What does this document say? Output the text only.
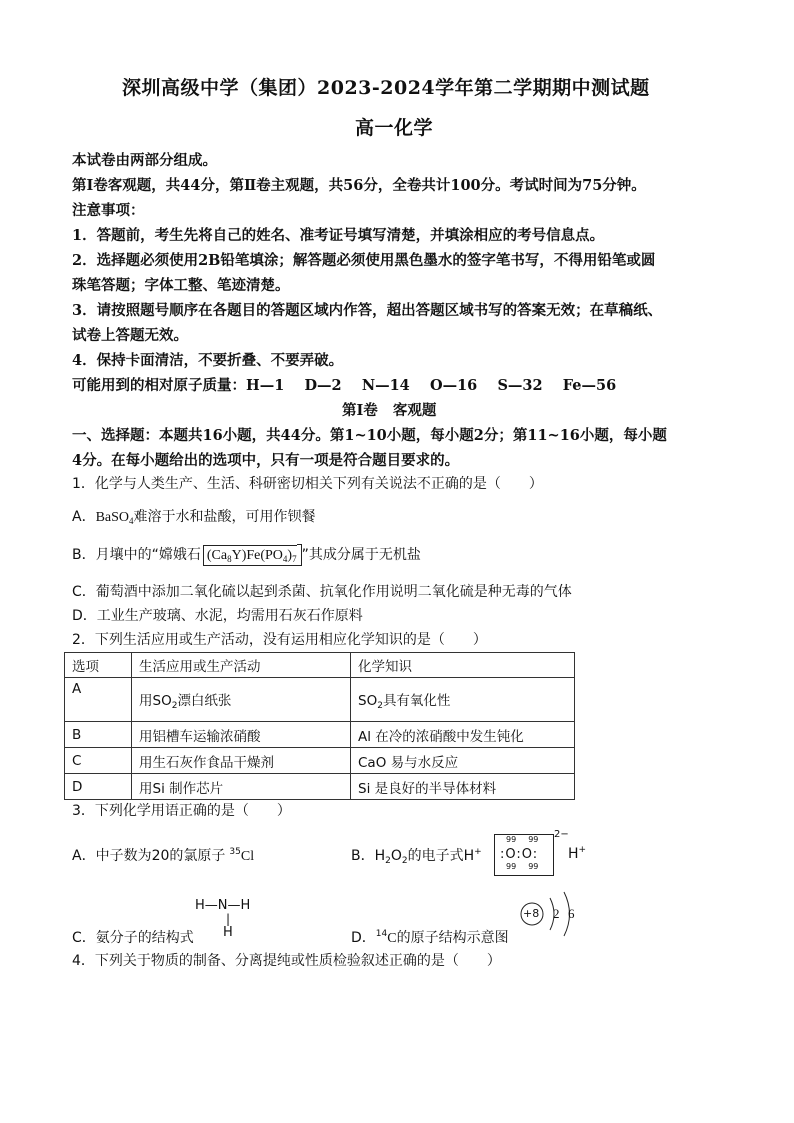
深圳高级中学（集团）2023-2024学年第二学期期中测试题
高一化学
本试卷由两部分组成。
第Ⅰ卷客观题，共44分，第Ⅱ卷主观题，共56分，全卷共计100分。考试时间为75分钟。
注意事项：
1．答题前，考生先将自己的姓名、准考证号填写清楚，并填涂相应的考号信息点。
2．选择题必须使用2B铅笔填涂；解答题必须使用黑色墨水的签字笔书写，不得用铅笔或圆
珠笔答题；字体工整、笔迹清楚。
3．请按照题号顺序在各题目的答题区域内作答，超出答题区域书写的答案无效；在草稿纸、
试卷上答题无效。
4．保持卡面清洁，不要折叠、不要弄破。
可能用到的相对原子质量：H—1    D—2    N—14    O—16    S—32    Fe—56
第Ⅰ卷   客观题
一、选择题：本题共16小题，共44分。第1~10小题，每小题2分；第11~16小题，每小题
4分。在每小题给出的选项中，只有一项是符合题目要求的。
1．化学与人类生产、生活、科研密切相关下列有关说法不正确的是（　　）
A．BaSO$_4$难溶于水和盐酸，可用作钡餐
B．月壤中的“嫦娥石 $(Ca_8Y)Fe(PO_4)_7$ ”其成分属于无机盐
C．葡萄酒中添加二氧化硫以起到杀菌、抗氧化作用说明二氧化硫是种无毒的气体
D．工业生产玻璃、水泥，均需用石灰石作原料
2．下列生活应用或生产活动，没有运用相应化学知识的是（　　）
选项	生活应用或生产活动	化学知识
A	用$SO_2$漂白纸张	$SO_2$具有氧化性
B	用铝槽车运输浓硝酸	Al 在冷的浓硝酸中发生钝化
C	用生石灰作食品干燥剂	CaO 易与水反应
D	用Si 制作芯片	Si 是良好的半导体材料
3．下列化学用语正确的是（　　）
A．中子数为20的氯原子 $^{35}$Cl	B．$H_2O_2$的电子式H+
99 99
:O:O:
99 99
2−
H+
H—N—H
|
H
C．氨分子的结构式	D．$^{14}$C的原子结构示意图
+8 2 6
4．下列关于物质的制备、分离提纯或性质检验叙述正确的是（　　）
